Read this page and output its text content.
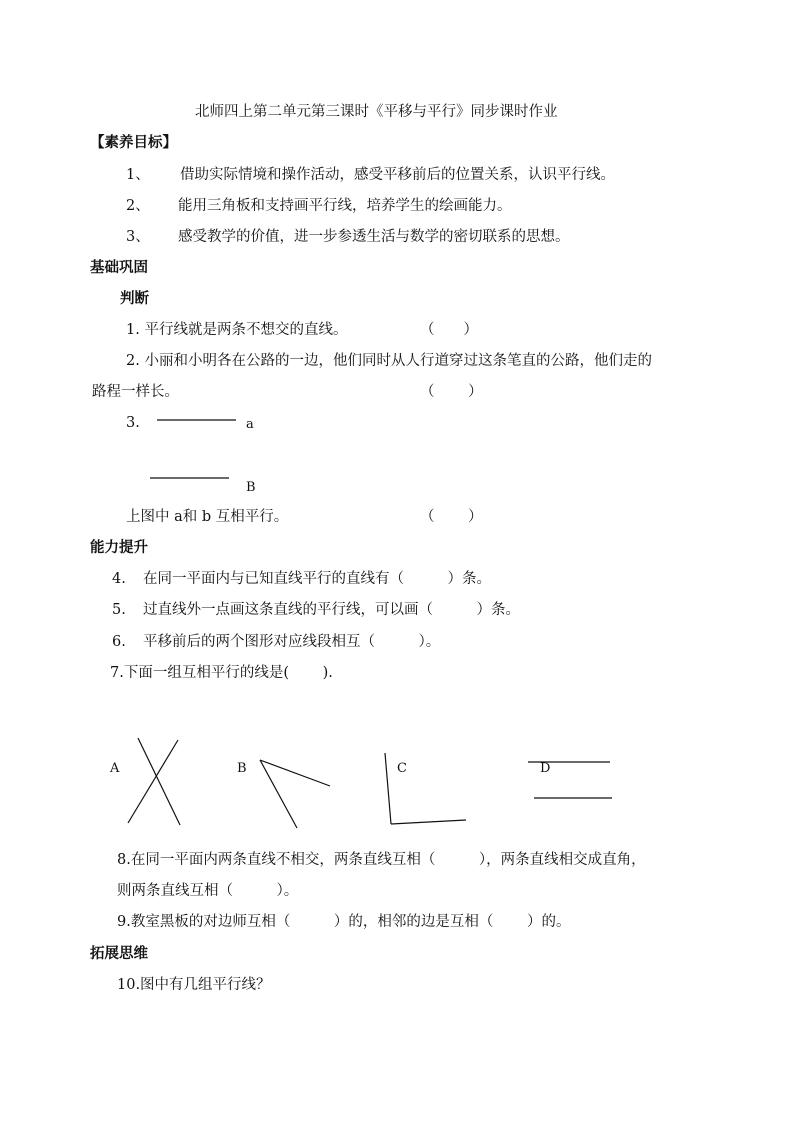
北师四上第二单元第三课时《平移与平行》同步课时作业
【素养目标】
1、 借助实际情境和操作活动，感受平移前后的位置关系，认识平行线。
2、 能用三角板和支持画平行线，培养学生的绘画能力。
3、 感受教学的价值，进一步参透生活与数学的密切联系的思想。
基础巩固
判断
1. 平行线就是两条不想交的直线。	（　　）
2. 小丽和小明各在公路的一边，他们同时从人行道穿过这条笔直的公路，他们走的
路程一样长。	（　　 ）
3.	a
B
上图中 a和 b 互相平行。	（　　 ）
能力提升
4. 在同一平面内与已知直线平行的直线有（　　　）条。
5. 过直线外一点画这条直线的平行线，可以画（　　　）条。
6. 平移前后的两个图形对应线段相互（　　　）。
7.下面一组互相平行的线是(　　 ).
A	B	C	D
8.在同一平面内两条直线不相交，两条直线互相（　　　），两条直线相交成直角，
则两条直线互相（　　　）。
9.教室黑板的对边师互相（　　　）的，相邻的边是互相（　　 ）的。
拓展思维
10.图中有几组平行线？
